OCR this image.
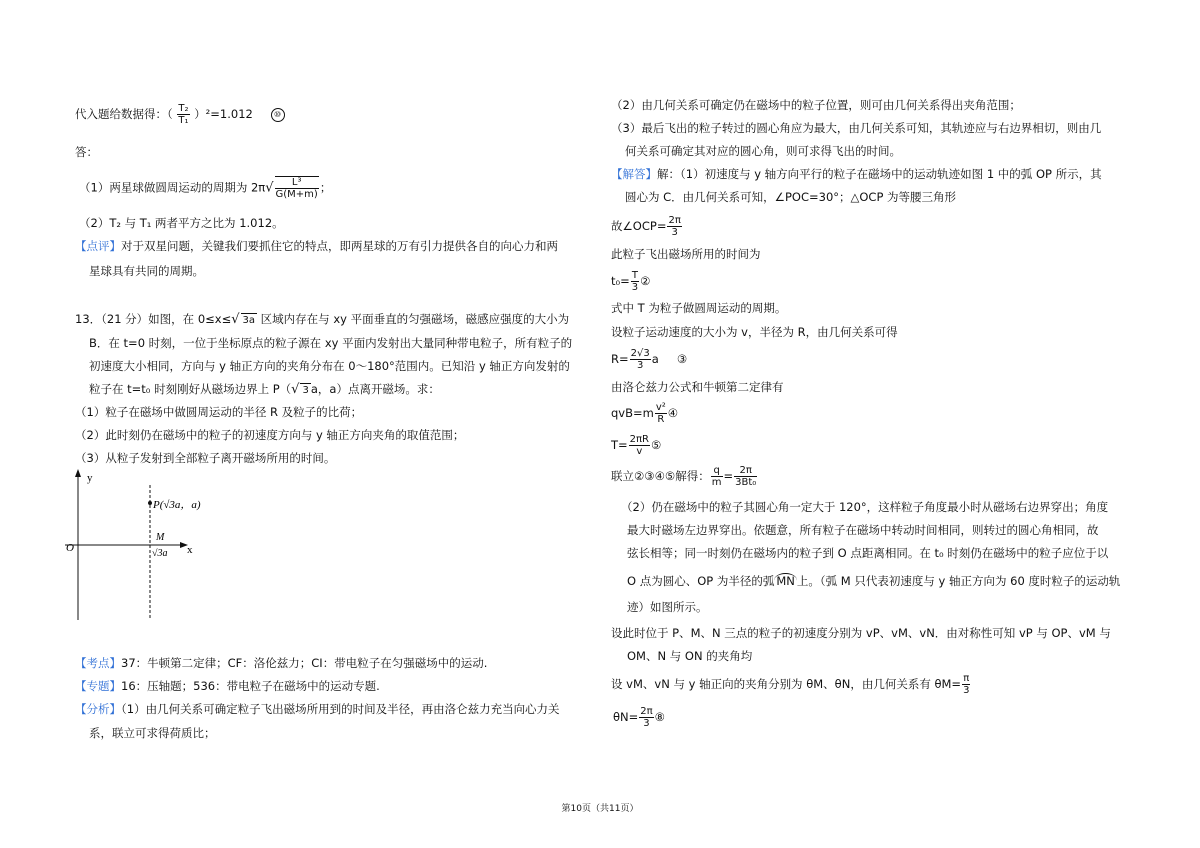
代入题给数据得：（ $\frac{\text{T₂}}{\text{T₁}} )^2=1.012$	⑩
答：
（1）两星球做圆周运动的周期为 $2\pi√ \frac{\text{L³}}{G(M+m)}$ ；
（2）T₂ 与 T₁ 两者平方之比为 1.012。
【点评】对于双星问题，关键我们要抓住它的特点，即两星球的万有引力提供各自的向心力和两
星球具有共同的周期。
13．（21 分）如图，在 0≤x≤√ 3a 区域内存在与 xy 平面垂直的匀强磁场，磁感应强度的大小为
B．在 t=0 时刻，一位于坐标原点的粒子源在 xy 平面内发射出大量同种带电粒子，所有粒子的
初速度大小相同，方向与 y 轴正方向的夹角分布在 0～180°范围内。已知沿 y 轴正方向发射的
粒子在 t=t₀ 时刻刚好从磁场边界上 P（√ 3 a，a）点离开磁场。求：
（1）粒子在磁场中做圆周运动的半径 R 及粒子的比荷；
（2）此时刻仍在磁场中的粒子的初速度方向与 y 轴正方向夹角的取值范围；
（3）从粒子发射到全部粒子离开磁场所用的时间。
y
x
O
P(√3a，a)
M
√3a
【考点】37：牛顿第二定律；CF：洛伦兹力；CI：带电粒子在匀强磁场中的运动.
【专题】16：压轴题；536：带电粒子在磁场中的运动专题.
【分析】（1）由几何关系可确定粒子飞出磁场所用到的时间及半径，再由洛仑兹力充当向心力关
系，联立可求得荷质比；
（2）由几何关系可确定仍在磁场中的粒子位置，则可由几何关系得出夹角范围；
（3）最后飞出的粒子转过的圆心角应为最大，由几何关系可知，其轨迹应与右边界相切，则由几
何关系可确定其对应的圆心角，则可求得飞出的时间。
【解答】解：（1）初速度与 y 轴方向平行的粒子在磁场中的运动轨迹如图 1 中的弧 OP 所示，其
圆心为 C．由几何关系可知，∠POC=30°；△OCP 为等腰三角形
故∠OCP= $\frac{2\pi}{3}$
此粒子飞出磁场所用的时间为
$t_0= \frac{T}{3}$ ②
式中 T 为粒子做圆周运动的周期。
设粒子运动速度的大小为 v，半径为 R，由几何关系可得
$R= \frac{2√3}{3}$ a ③
由洛仑兹力公式和牛顿第二定律有
$qvB=m \frac{\text{v²}}{R}$ ④
$T= \frac{2\pi R}{v}$ ⑤
联立②③④⑤解得： $\frac{q}{m} = \frac{2\pi}{\text{3Bt₀}}$
（2）仍在磁场中的粒子其圆心角一定大于 120°，这样粒子角度最小时从磁场右边界穿出；角度
最大时磁场左边界穿出。依题意，所有粒子在磁场中转动时间相同，则转过的圆心角相同，故
弦长相等；同一时刻仍在磁场内的粒子到 O 点距离相同。在 t₀ 时刻仍在磁场中的粒子应位于以
O 点为圆心、OP 为半径的弧 MN 上。（弧 M 只代表初速度与 y 轴正方向为 60 度时粒子的运动轨
迹）如图所示。
设此时位于 P、M、N 三点的粒子的初速度分别为 vP、vM、vN．由对称性可知 vP 与 OP、vM 与
OM、N 与 ON 的夹角均
设 vM、vN 与 y 轴正向的夹角分别为 θM、θN，由几何关系有 $\theta M= \frac{\pi}{3}$
$\theta N= \frac{2\pi}{3}$ ⑧
第10页（共11页）
